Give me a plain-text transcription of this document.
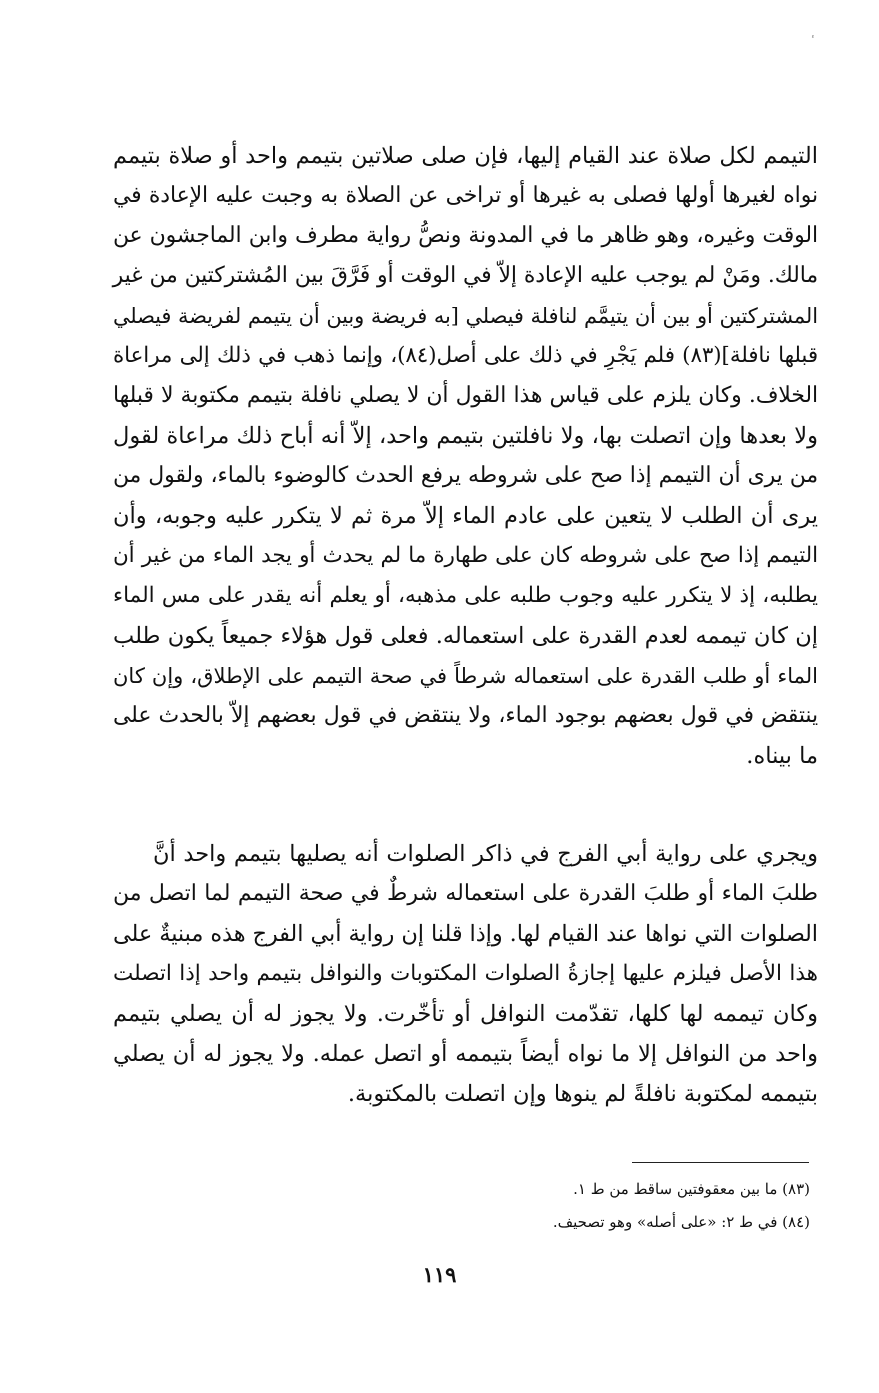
التيمم لكل صلاة عند القيام إليها، فإن صلى صلاتين بتيمم واحد أو صلاة بتيمم
نواه لغيرها أولها فصلى به غيرها أو تراخى عن الصلاة به وجبت عليه الإعادة في
الوقت وغيره، وهو ظاهر ما في المدونة ونصُّ رواية مطرف وابن الماجشون عن
مالك. ومَنْ لم يوجب عليه الإعادة إلاّ في الوقت أو فَرَّقَ بين المُشتركتين من غير
المشتركتين أو بين أن يتيمَّم لنافلة فيصلي [به فريضة وبين أن يتيمم لفريضة فيصلي
قبلها نافلة](٨٣) فلم يَجْرِ في ذلك على أصل(٨٤)، وإنما ذهب في ذلك إلى مراعاة
الخلاف. وكان يلزم على قياس هذا القول أن لا يصلي نافلة بتيمم مكتوبة لا قبلها
ولا بعدها وإن اتصلت بها، ولا نافلتين بتيمم واحد، إلاّ أنه أباح ذلك مراعاة لقول
من يرى أن التيمم إذا صح على شروطه يرفع الحدث كالوضوء بالماء، ولقول من
يرى أن الطلب لا يتعين على عادم الماء إلاّ مرة ثم لا يتكرر عليه وجوبه، وأن
التيمم إذا صح على شروطه كان على طهارة ما لم يحدث أو يجد الماء من غير أن
يطلبه، إذ لا يتكرر عليه وجوب طلبه على مذهبه، أو يعلم أنه يقدر على مس الماء
إن كان تيممه لعدم القدرة على استعماله. فعلى قول هؤلاء جميعاً يكون طلب
الماء أو طلب القدرة على استعماله شرطاً في صحة التيمم على الإطلاق، وإن كان
ينتقض في قول بعضهم بوجود الماء، ولا ينتقض في قول بعضهم إلاّ بالحدث على
ما بيناه.
ويجري على رواية أبي الفرج في ذاكر الصلوات أنه يصليها بتيمم واحد أنَّ
طلبَ الماء أو طلبَ القدرة على استعماله شرطٌ في صحة التيمم لما اتصل من
الصلوات التي نواها عند القيام لها. وإذا قلنا إن رواية أبي الفرج هذه مبنيةٌ على
هذا الأصل فيلزم عليها إجازةُ الصلوات المكتوبات والنوافل بتيمم واحد إذا اتصلت
وكان تيممه لها كلها، تقدّمت النوافل أو تأخّرت. ولا يجوز له أن يصلي بتيمم
واحد من النوافل إلا ما نواه أيضاً بتيممه أو اتصل عمله. ولا يجوز له أن يصلي
بتيممه لمكتوبة نافلةً لم ينوها وإن اتصلت بالمكتوبة.
(٨٣) ما بين معقوفتين ساقط من ط ١.
(٨٤) في ط ٢: «على أصله» وهو تصحيف.
١١٩
